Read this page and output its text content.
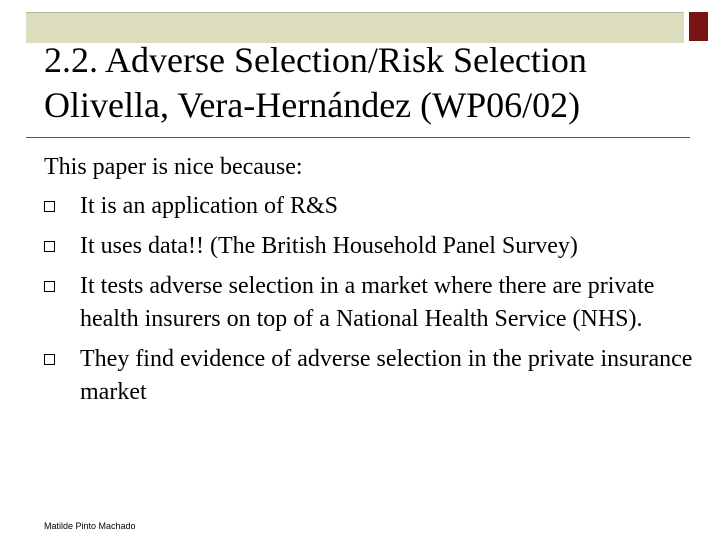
2.2. Adverse Selection/Risk Selection
Olivella, Vera-Hernández (WP06/02)

This paper is nice because:

It is an application of R&S
It uses data!! (The British Household Panel Survey)
It tests adverse selection in a market where there are private health insurers on top of a National Health Service (NHS).
They find evidence of adverse selection in the private insurance market
Matilde Pinto Machado
